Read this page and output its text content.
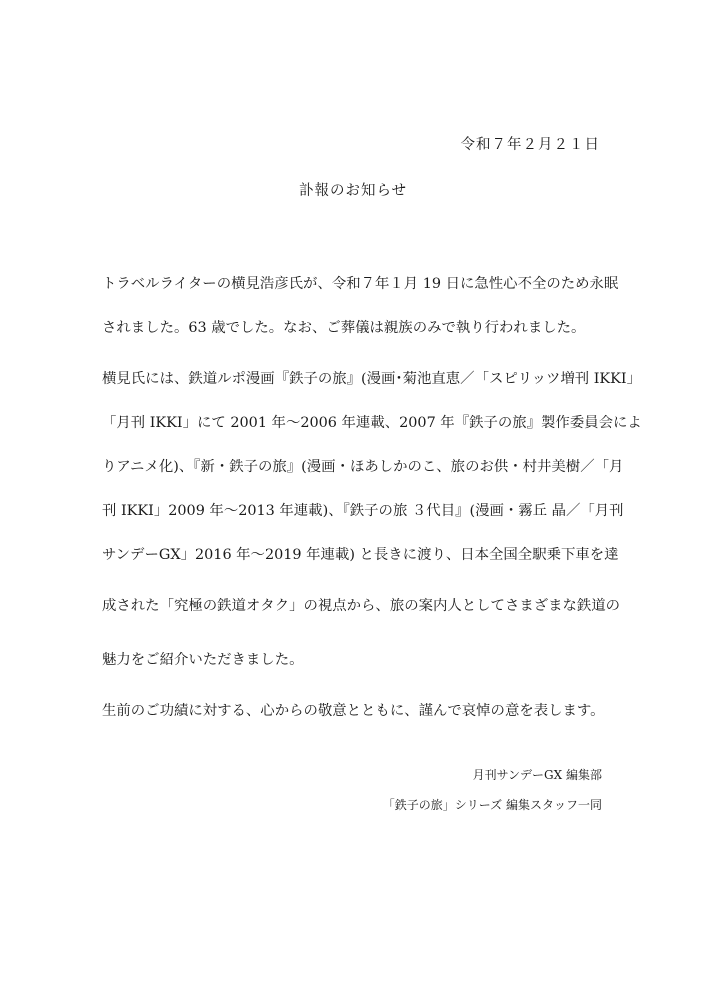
令和７年２月２１日
訃報のお知らせ
トラベルライターの横見浩彦氏が、令和７年１月 19 日に急性心不全のため永眠
されました。63 歳でした。なお、ご葬儀は親族のみで執り行われました。
横見氏には、鉄道ルポ漫画『鉄子の旅』(漫画･菊池直恵／「スピリッツ増刊 IKKI」
「月刊 IKKI」にて 2001 年～2006 年連載、2007 年『鉄子の旅』製作委員会によ
りアニメ化)、『新・鉄子の旅』(漫画・ほあしかのこ、旅のお供・村井美樹／「月
刊 IKKI」2009 年～2013 年連載)、『鉄子の旅 ３代目』(漫画・霧丘 晶／「月刊
サンデーGX」2016 年～2019 年連載) と長きに渡り、日本全国全駅乗下車を達
成された「究極の鉄道オタク」の視点から、旅の案内人としてさまざまな鉄道の
魅力をご紹介いただきました。
生前のご功績に対する、心からの敬意とともに、謹んで哀悼の意を表します。
月刊サンデーGX 編集部
「鉄子の旅」シリーズ 編集スタッフ一同
